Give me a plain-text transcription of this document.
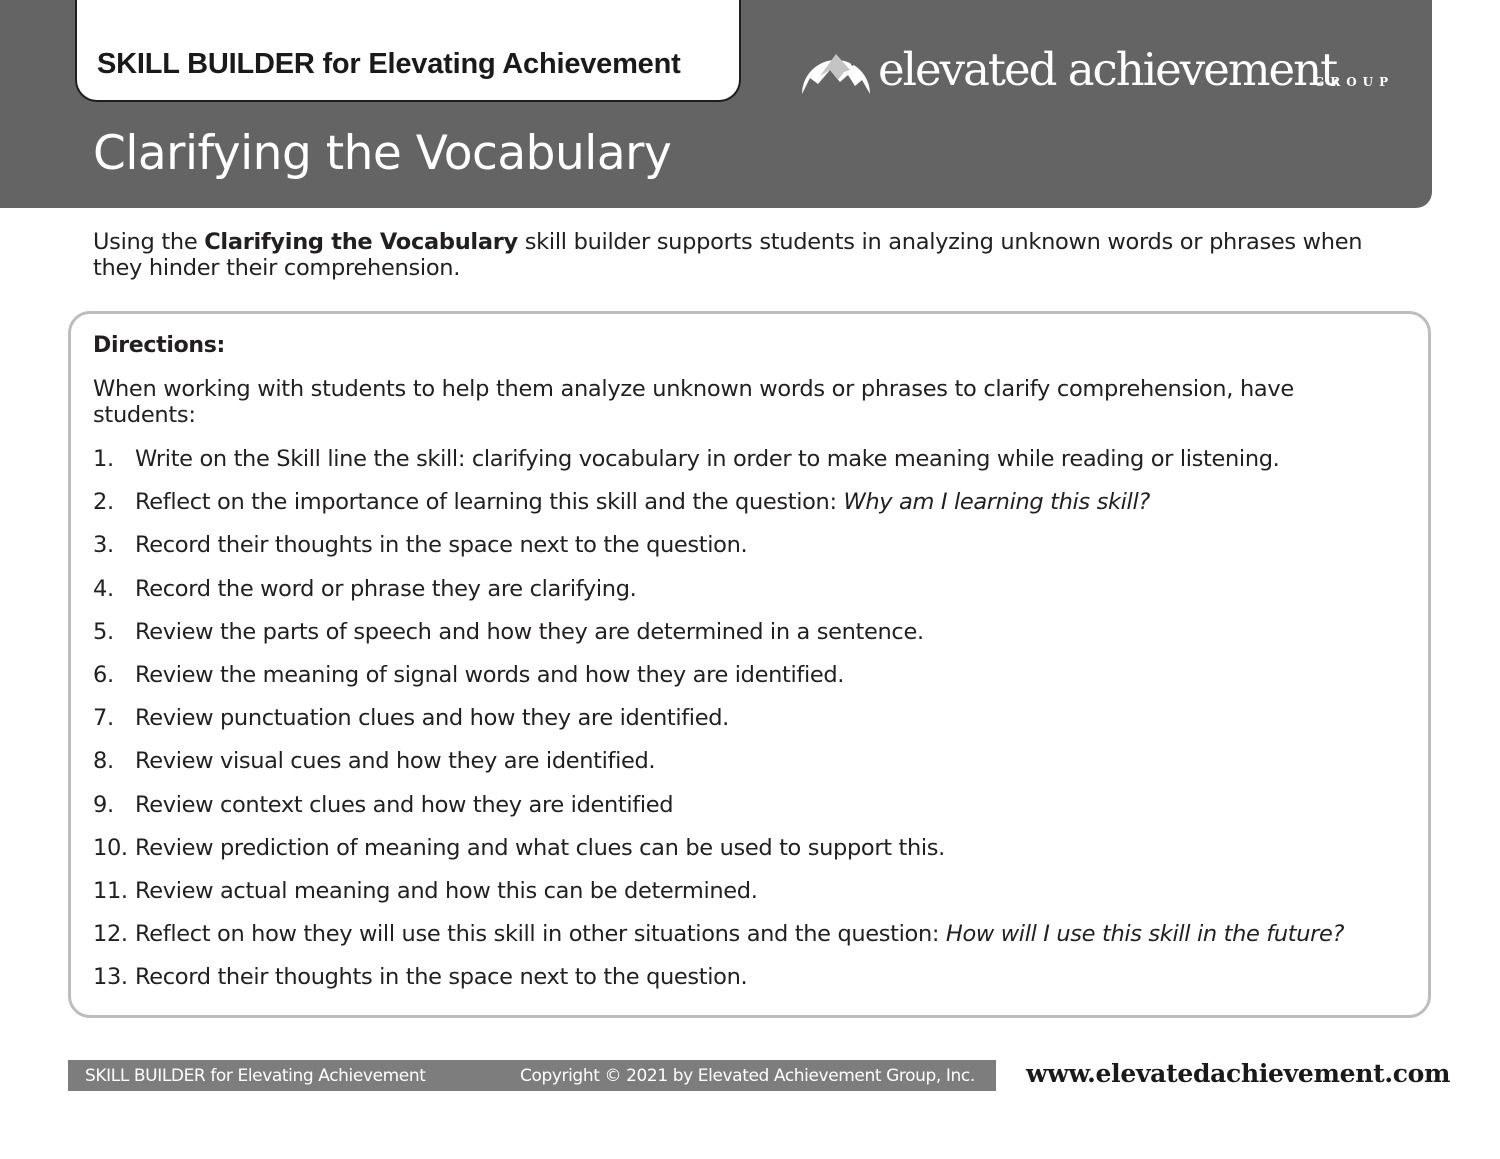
SKILL BUILDER for Elevating Achievement
Clarifying the Vocabulary
elevated achievement
GROUP
Using the Clarifying the Vocabulary skill builder supports students in analyzing unknown words or phrases when they hinder their comprehension.
Directions:
When working with students to help them analyze unknown words or phrases to clarify comprehension, have students:
1. Write on the Skill line the skill: clarifying vocabulary in order to make meaning while reading or listening.
2. Reflect on the importance of learning this skill and the question: Why am I learning this skill?
3. Record their thoughts in the space next to the question.
4. Record the word or phrase they are clarifying.
5. Review the parts of speech and how they are determined in a sentence.
6. Review the meaning of signal words and how they are identified.
7. Review punctuation clues and how they are identified.
8. Review visual cues and how they are identified.
9. Review context clues and how they are identified
10. Review prediction of meaning and what clues can be used to support this.
11. Review actual meaning and how this can be determined.
12. Reflect on how they will use this skill in other situations and the question: How will I use this skill in the future?
13. Record their thoughts in the space next to the question.
SKILL BUILDER for Elevating Achievement	Copyright © 2021 by Elevated Achievement Group, Inc. www.elevatedachievement.com
